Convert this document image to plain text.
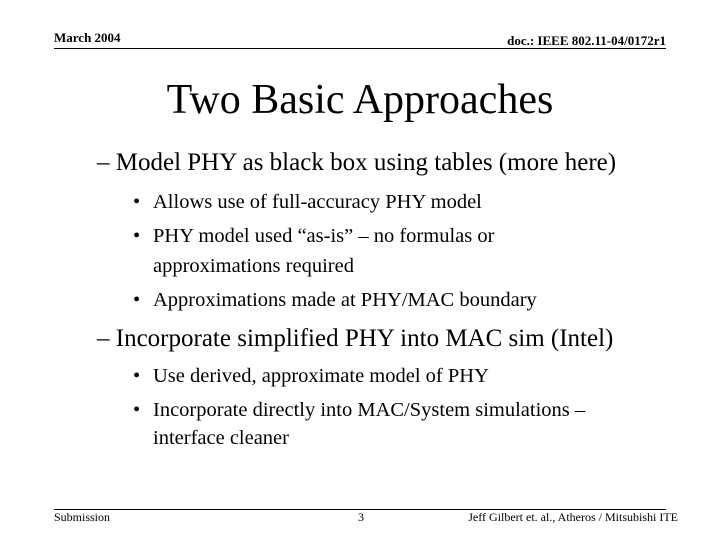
March 2004	doc.: IEEE 802.11-04/0172r1
Two Basic Approaches
– Model PHY as black box using tables (more here)
• Allows use of full-accuracy PHY model
• PHY model used “as-is” – no formulas or
approximations required
• Approximations made at PHY/MAC boundary
– Incorporate simplified PHY into MAC sim (Intel)
• Use derived, approximate model of PHY
• Incorporate directly into MAC/System simulations –
interface cleaner
Submission	3	Jeff Gilbert et. al., Atheros / Mitsubishi ITE
